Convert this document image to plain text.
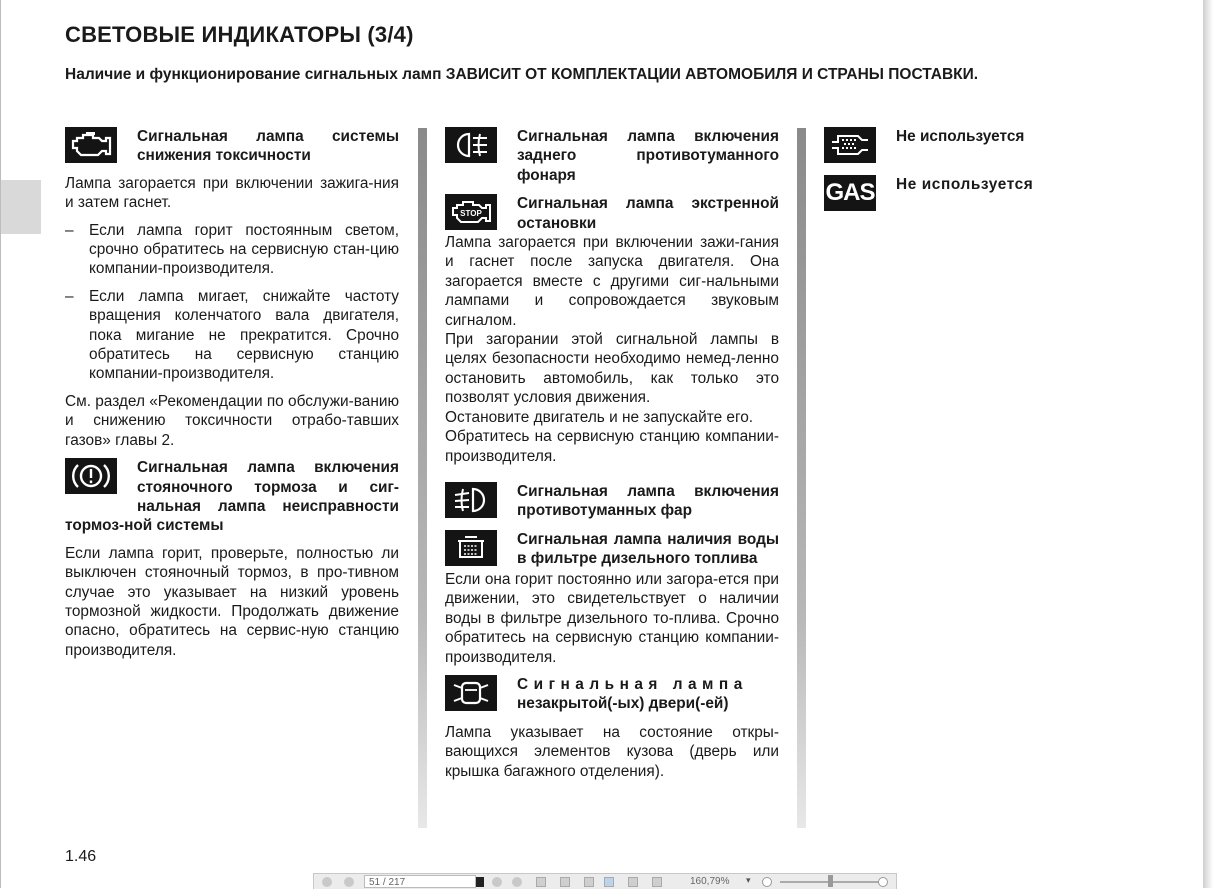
СВЕТОВЫЕ ИНДИКАТОРЫ (3/4)

Наличие и функционирование сигнальных ламп ЗАВИСИТ ОТ КОМПЛЕКТАЦИИ АВТОМОБИЛЯ И СТРАНЫ ПОСТАВКИ.

Сигнальная лампа системы снижения токсичности

Лампа загорается при включении зажига-ния и затем гаснет.

– Если лампа горит постоянным светом, срочно обратитесь на сервисную стан-цию компании-производителя.
– Если лампа мигает, снижайте частоту вращения коленчатого вала двигателя, пока мигание не прекратится. Срочно обратитесь на сервисную станцию компании-производителя.

См. раздел «Рекомендации по обслужи-ванию и снижению токсичности отрабо-тавших газов» главы 2.

Сигнальная лампа включения стояночного тормоза и сиг-нальная лампа неисправности тормоз-ной системы

Если лампа горит, проверьте, полностью ли выключен стояночный тормоз, в про-тивном случае это указывает на низкий уровень тормозной жидкости. Продолжать движение опасно, обратитесь на сервис-ную станцию производителя.

Сигнальная лампа включения заднего противотуманного фонаря

STOP

Сигнальная лампа экстренной остановки

Лампа загорается при включении зажи-гания и гаснет после запуска двигателя. Она загорается вместе с другими сиг-нальными лампами и сопровождается звуковым сигналом.

При загорании этой сигнальной лампы в целях безопасности необходимо немед-ленно остановить автомобиль, как только это позволят условия движения.

Остановите двигатель и не запускайте его.

Обратитесь на сервисную станцию компании-производителя.

Сигнальная лампа включения противотуманных фар

Сигнальная лампа наличия воды в фильтре дизельного топлива

Если она горит постоянно или загора-ется при движении, это свидетельствует о наличии воды в фильтре дизельного то-плива. Срочно обратитесь на сервисную станцию компании-производителя.

Сигнальная лампа

незакрытой(-ых) двери(-ей)

Лампа указывает на состояние откры-вающихся элементов кузова (дверь или крышка багажного отделения).

Не используется

GAS	Не используется

1.46
51 / 217	160,79% ▾
